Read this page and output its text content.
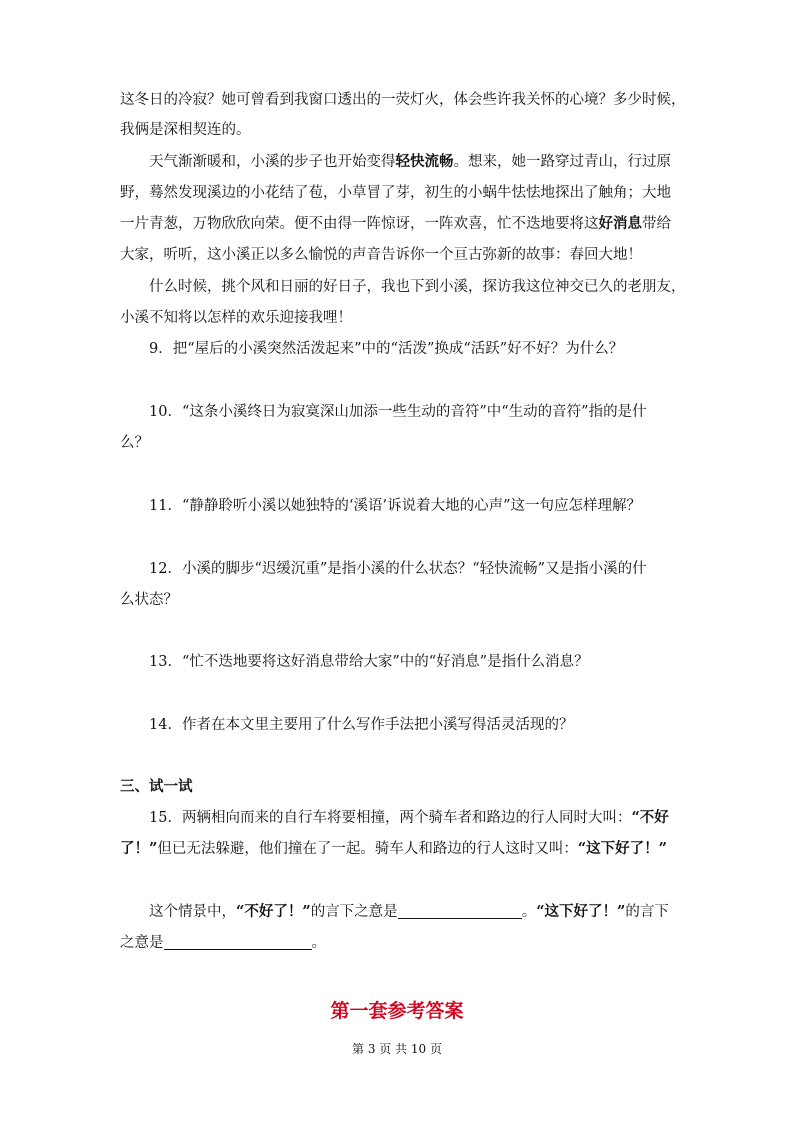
这冬日的冷寂？她可曾看到我窗口透出的一荧灯火，体会些许我关怀的心境？多少时候，
我俩是深相契连的。
天气渐渐暖和，小溪的步子也开始变得轻快流畅。想来，她一路穿过青山，行过原
野，蓦然发现溪边的小花结了苞，小草冒了芽，初生的小蜗牛怯怯地探出了触角；大地
一片青葱，万物欣欣向荣。便不由得一阵惊讶，一阵欢喜，忙不迭地要将这好消息带给
大家，听听，这小溪正以多么愉悦的声音告诉你一个亘古弥新的故事：春回大地！
什么时候，挑个风和日丽的好日子，我也下到小溪，探访我这位神交已久的老朋友，
小溪不知将以怎样的欢乐迎接我哩！
9．把“屋后的小溪突然活泼起来”中的“活泼”换成“活跃”好不好？为什么？
10．“这条小溪终日为寂寞深山加添一些生动的音符”中“生动的音符”指的是什
么？
11．“静静聆听小溪以她独特的‘溪语’诉说着大地的心声”这一句应怎样理解？
12．小溪的脚步“迟缓沉重”是指小溪的什么状态？“轻快流畅”又是指小溪的什
么状态？
13．“忙不迭地要将这好消息带给大家”中的“好消息”是指什么消息？
14．作者在本文里主要用了什么写作手法把小溪写得活灵活现的？
三、试一试
15．两辆相向而来的自行车将要相撞，两个骑车者和路边的行人同时大叫：“不好
了！”但已无法躲避，他们撞在了一起。骑车人和路边的行人这时又叫：“这下好了！”
这个情景中，“不好了！”的言下之意是	。“这下好了！”的言下
之意是	。
第一套参考答案
第 3 页 共 10 页
